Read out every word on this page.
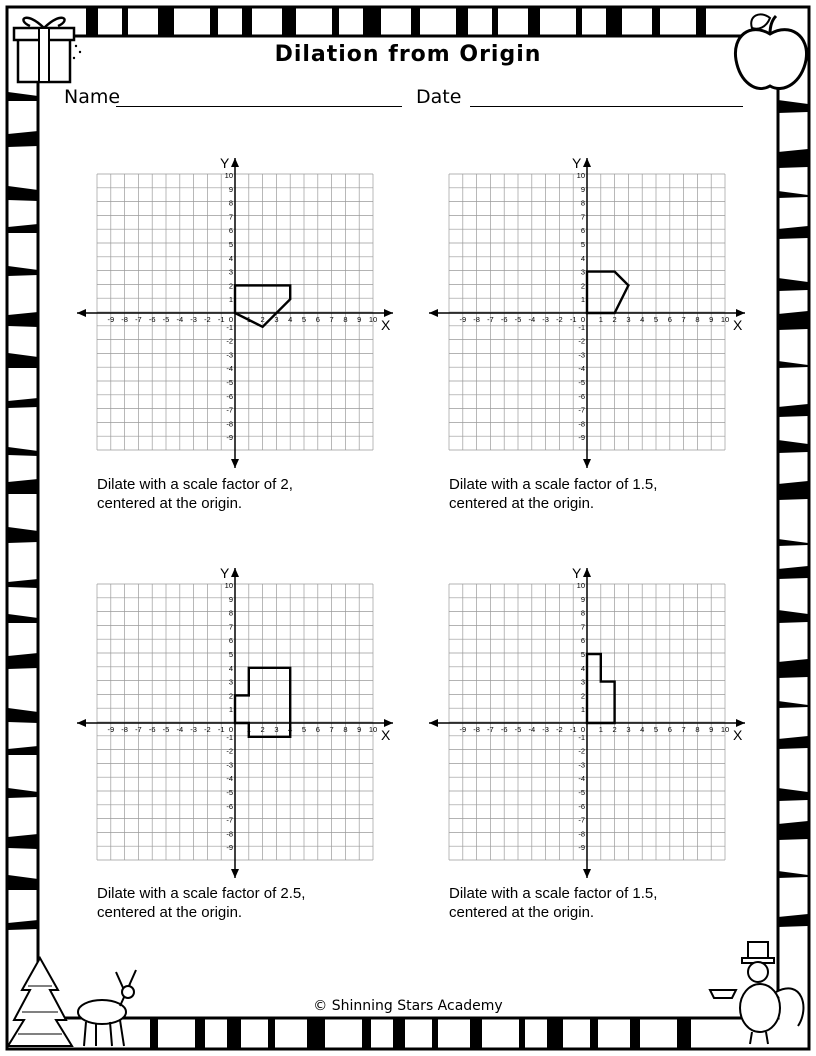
Dilation from Origin
Name	Date
-9
-9
-8
-8
-7
-7
-6
-6
-5
-5
-4
-4
-3
-3
-2
-2
-1
-1
0 1
1
2
2
3
3
4
4
5
5
6
6
7
7
8
8
9
9
10
10
X
Y
-9
-9
-8
-8
-7
-7
-6
-6
-5
-5
-4
-4
-3
-3
-2
-2
-1
-1
0 1
1
2
2
3
3
4
4
5
5
6
6
7
7
8
8
9
9
10
10
X
Y
-9
-9
-8
-8
-7
-7
-6
-6
-5
-5
-4
-4
-3
-3
-2
-2
-1
-1
0 1
1
2
2
3
3
4
4
5
5
6
6
7
7
8
8
9
9
10
10
X
Y
-9
-9
-8
-8
-7
-7
-6
-6
-5
-5
-4
-4
-3
-3
-2
-2
-1
-1
0 1
1
2
2
3
3
4
4
5
5
6
6
7
7
8
8
9
9
10
10
X
Y
Dilate with a scale factor of 2,
centered at the origin.
Dilate with a scale factor of 1.5,
centered at the origin.
Dilate with a scale factor of 2.5,
centered at the origin.
Dilate with a scale factor of 1.5,
centered at the origin.
© Shinning Stars Academy
